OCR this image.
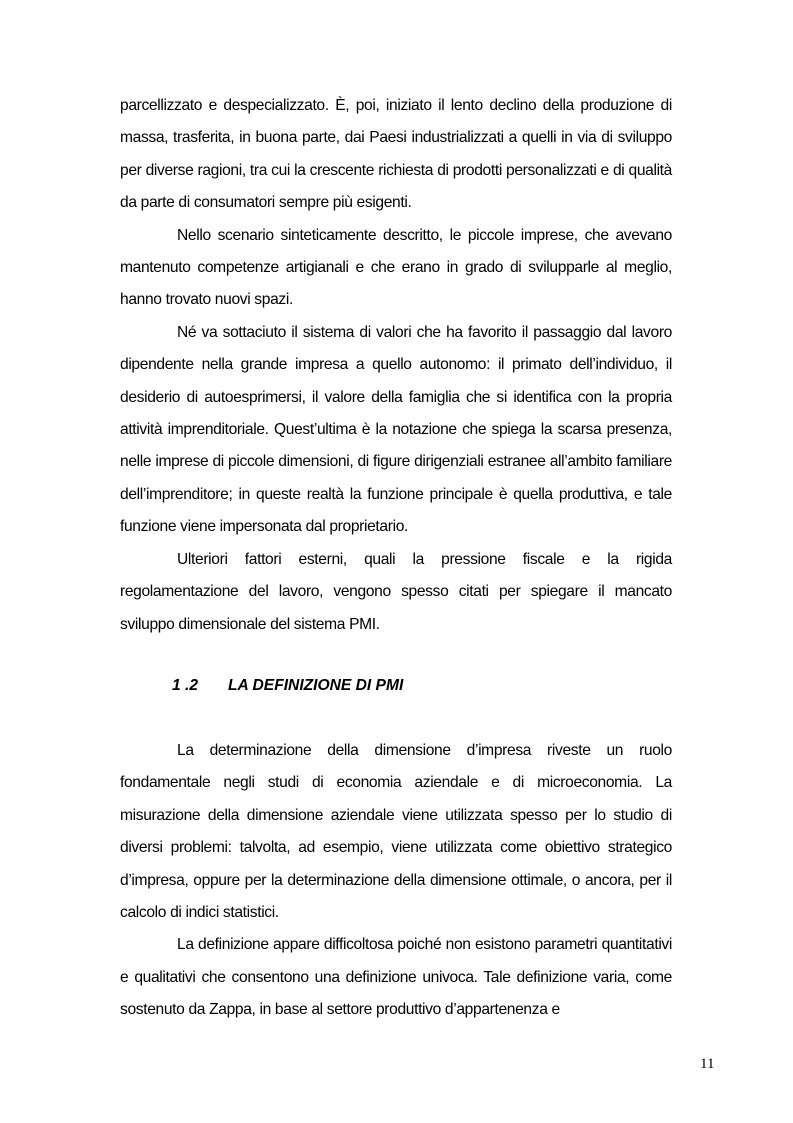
parcellizzato e despecializzato. È, poi, iniziato il lento declino della produzione di massa, trasferita, in buona parte, dai Paesi industrializzati a quelli in via di sviluppo per diverse ragioni, tra cui la crescente richiesta di prodotti personalizzati e di qualità da parte di consumatori sempre più esigenti.

Nello scenario sinteticamente descritto, le piccole imprese, che avevano mantenuto competenze artigianali e che erano in grado di svilupparle al meglio, hanno trovato nuovi spazi.

Né va sottaciuto il sistema di valori che ha favorito il passaggio dal lavoro dipendente nella grande impresa a quello autonomo: il primato dell’individuo, il desiderio di autoesprimersi, il valore della famiglia che si identifica con la propria attività imprenditoriale. Quest’ultima è la notazione che spiega la scarsa presenza, nelle imprese di piccole dimensioni, di figure dirigenziali estranee all’ambito familiare dell’imprenditore; in queste realtà la funzione principale è quella produttiva, e tale funzione viene impersonata dal proprietario.

Ulteriori fattori esterni, quali la pressione fiscale e la rigida regolamentazione del lavoro, vengono spesso citati per spiegare il mancato sviluppo dimensionale del sistema PMI.

1 .2 LA DEFINIZIONE DI PMI

La determinazione della dimensione d’impresa riveste un ruolo fondamentale negli studi di economia aziendale e di microeconomia. La misurazione della dimensione aziendale viene utilizzata spesso per lo studio di diversi problemi: talvolta, ad esempio, viene utilizzata come obiettivo strategico d’impresa, oppure per la determinazione della dimensione ottimale, o ancora, per il calcolo di indici statistici.

La definizione appare difficoltosa poiché non esistono parametri quantitativi e qualitativi che consentono una definizione univoca. Tale definizione varia, come sostenuto da Zappa, in base al settore produttivo d’appartenenza e

11
